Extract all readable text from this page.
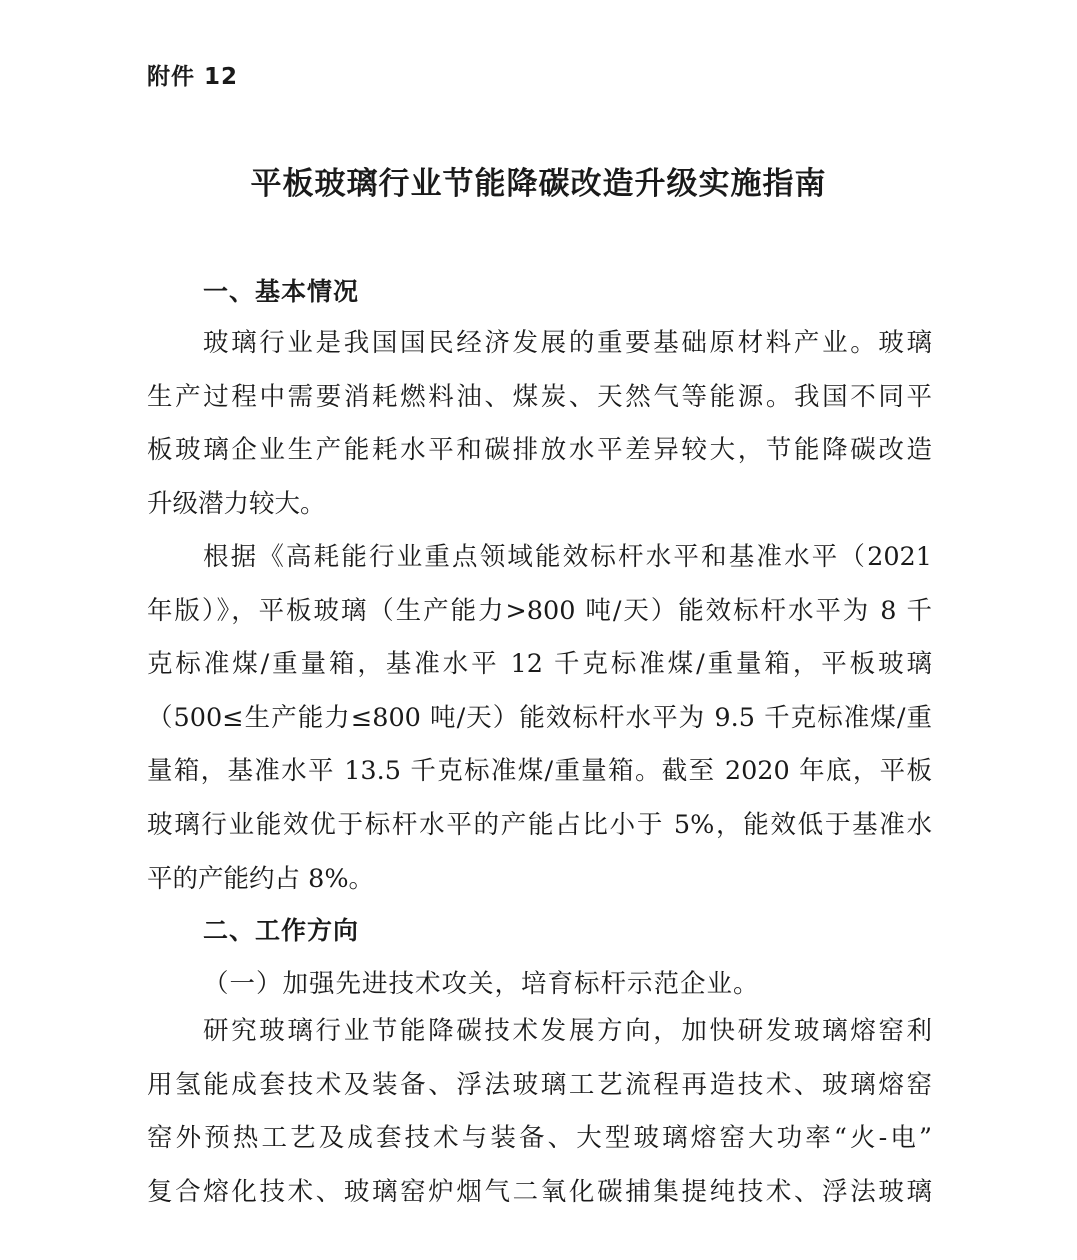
附件 12

平板玻璃行业节能降碳改造升级实施指南
一、基本情况
玻璃行业是我国国民经济发展的重要基础原材料产业。玻璃
生产过程中需要消耗燃料油、煤炭、天然气等能源。我国不同平
板玻璃企业生产能耗水平和碳排放水平差异较大，节能降碳改造
升级潜力较大。
根据《高耗能行业重点领域能效标杆水平和基准水平（2021
年版）》，平板玻璃（生产能力>800 吨/天）能效标杆水平为 8 千
克标准煤/重量箱，基准水平 12 千克标准煤/重量箱，平板玻璃
（500≤生产能力≤800 吨/天）能效标杆水平为 9.5 千克标准煤/重
量箱，基准水平 13.5 千克标准煤/重量箱。截至 2020 年底，平板
玻璃行业能效优于标杆水平的产能占比小于 5%，能效低于基准水
平的产能约占 8%。
二、工作方向

（一）加强先进技术攻关，培育标杆示范企业。

研究玻璃行业节能降碳技术发展方向，加快研发玻璃熔窑利
用氢能成套技术及装备、浮法玻璃工艺流程再造技术、玻璃熔窑
窑外预热工艺及成套技术与装备、大型玻璃熔窑大功率“火-电”
复合熔化技术、玻璃窑炉烟气二氧化碳捕集提纯技术、浮法玻璃
